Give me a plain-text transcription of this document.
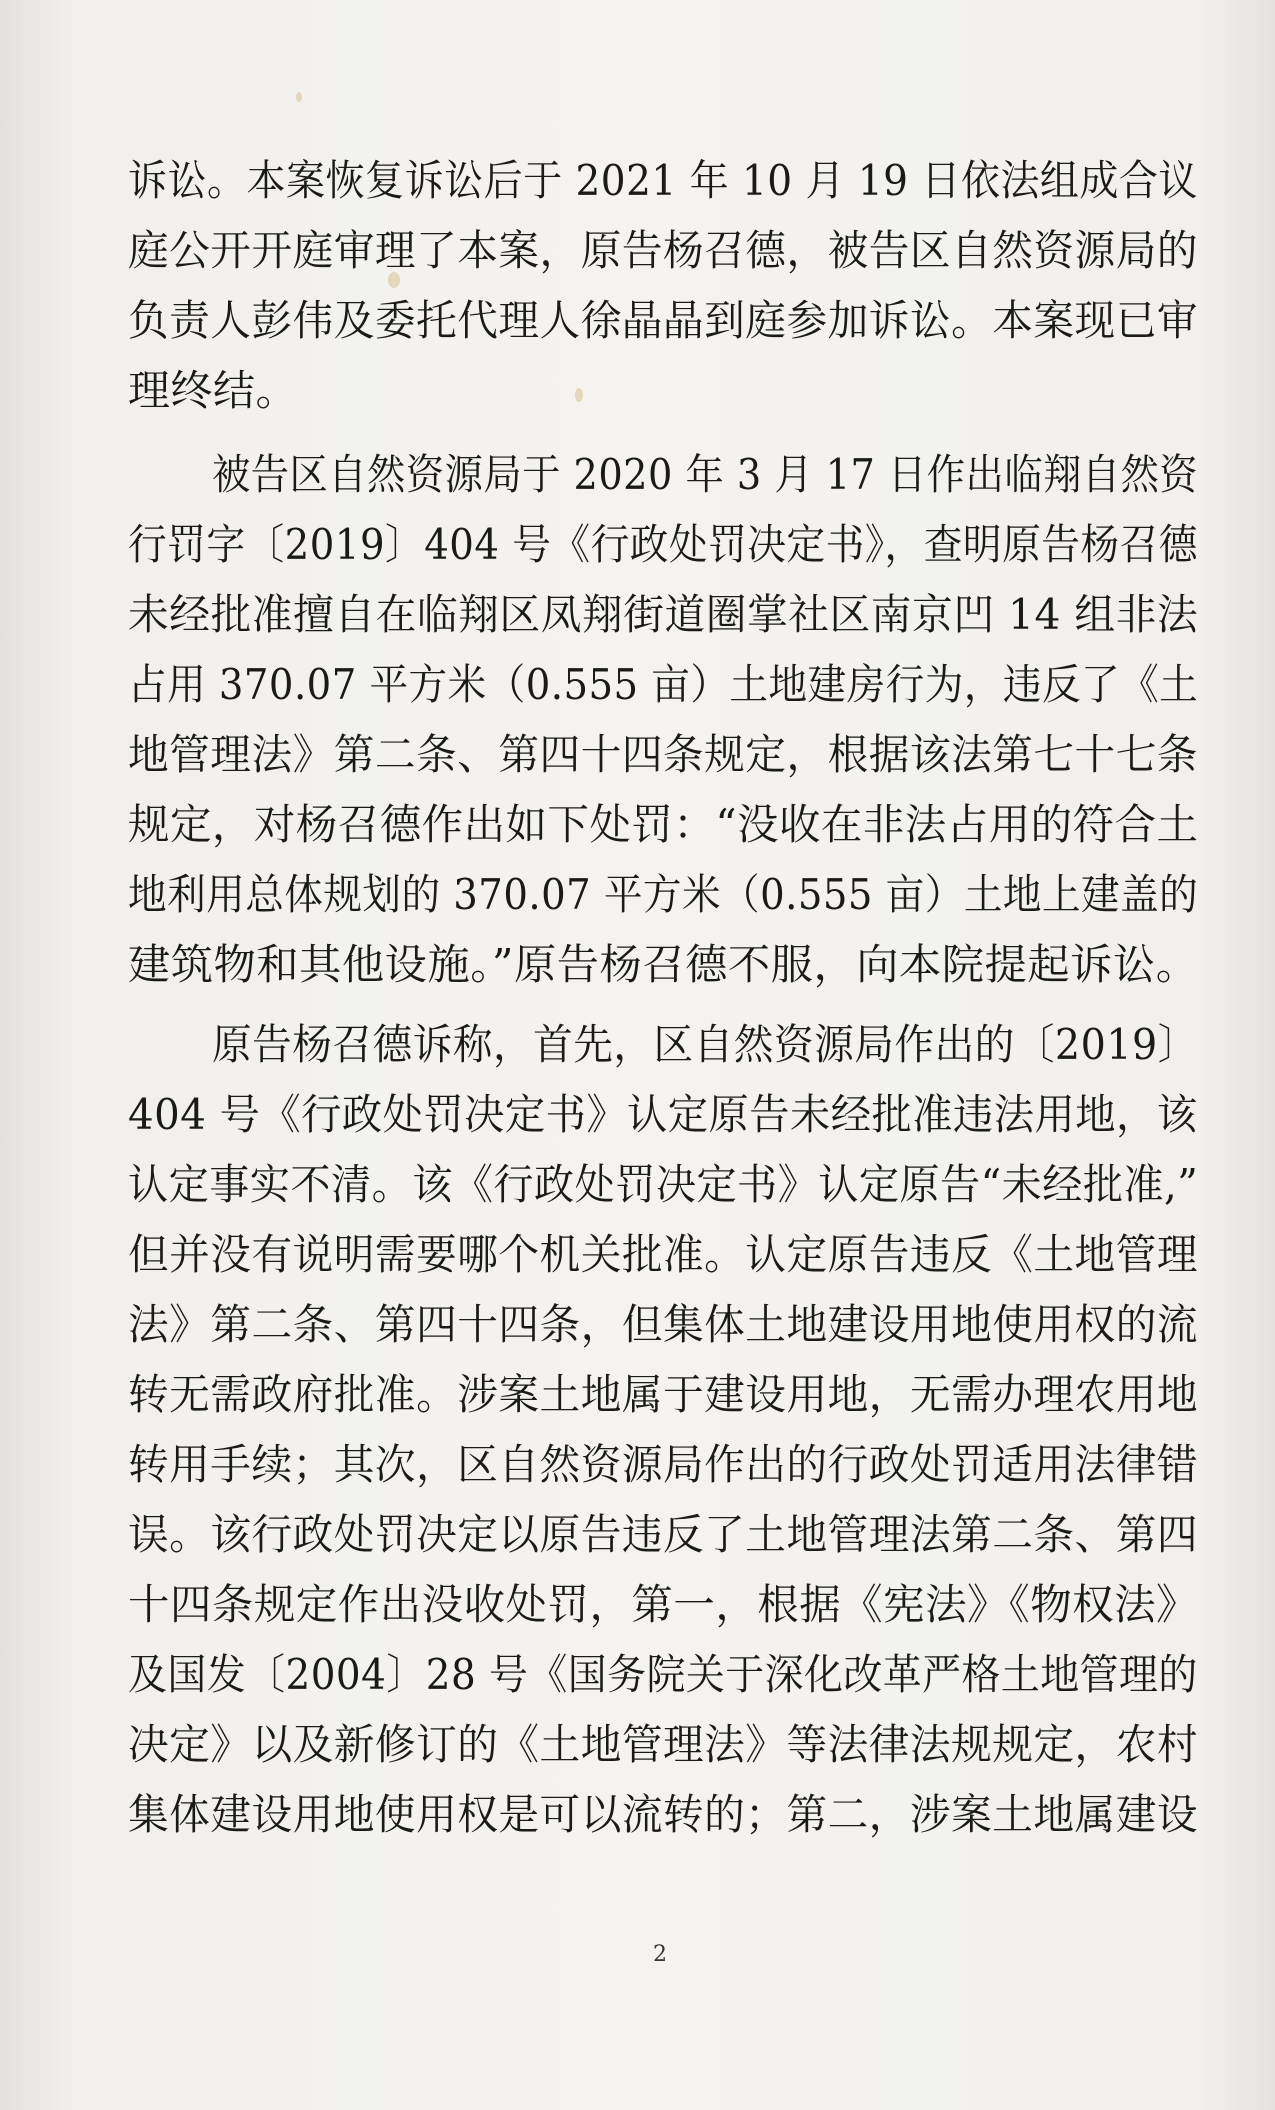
诉讼。本案恢复诉讼后于 2021 年 10 月 19 日依法组成合议
庭公开开庭审理了本案，原告杨召德，被告区自然资源局的
负责人彭伟及委托代理人徐晶晶到庭参加诉讼。本案现已审
理终结。
被告区自然资源局于 2020 年 3 月 17 日作出临翔自然资
行罚字〔2019〕404 号《行政处罚决定书》，查明原告杨召德
未经批准擅自在临翔区凤翔街道圈掌社区南京凹 14 组非法
占用 370.07 平方米（0.555 亩）土地建房行为，违反了《土
地管理法》第二条、第四十四条规定，根据该法第七十七条
规定，对杨召德作出如下处罚：“没收在非法占用的符合土
地利用总体规划的 370.07 平方米（0.555 亩）土地上建盖的
建筑物和其他设施。”原告杨召德不服，向本院提起诉讼。
原告杨召德诉称，首先，区自然资源局作出的〔2019〕
404 号《行政处罚决定书》认定原告未经批准违法用地，该
认定事实不清。该《行政处罚决定书》认定原告“未经批准,”
但并没有说明需要哪个机关批准。认定原告违反《土地管理
法》第二条、第四十四条，但集体土地建设用地使用权的流
转无需政府批准。涉案土地属于建设用地，无需办理农用地
转用手续；其次，区自然资源局作出的行政处罚适用法律错
误。该行政处罚决定以原告违反了土地管理法第二条、第四
十四条规定作出没收处罚，第一，根据《宪法》《物权法》
及国发〔2004〕28 号《国务院关于深化改革严格土地管理的
决定》以及新修订的《土地管理法》等法律法规规定，农村
集体建设用地使用权是可以流转的；第二，涉案土地属建设
2
